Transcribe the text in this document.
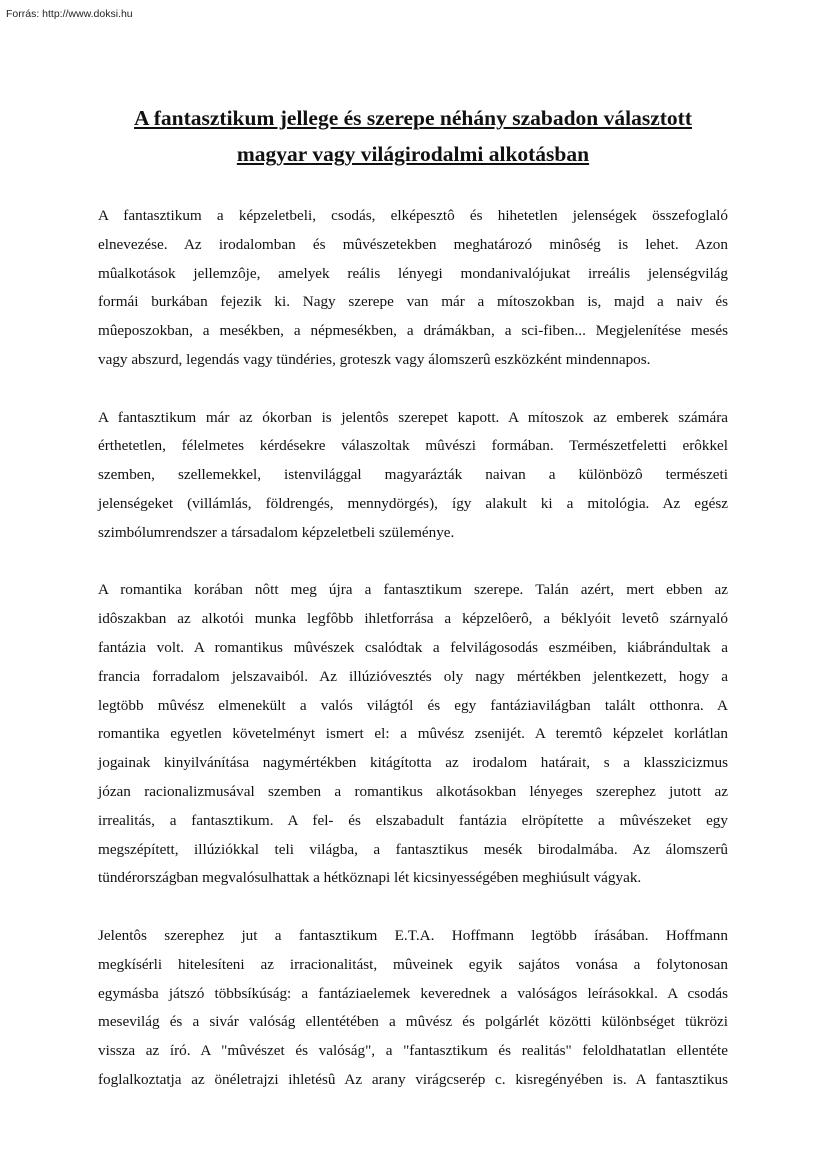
Forrás: http://www.doksi.hu
A fantasztikum jellege és szerepe néhány szabadon választott
magyar vagy világirodalmi alkotásban

A fantasztikum a képzeletbeli, csodás, elképesztô és hihetetlen jelenségek összefoglaló
elnevezése. Az irodalomban és mûvészetekben meghatározó minôség is lehet. Azon
mûalkotások jellemzôje, amelyek reális lényegi mondanivalójukat irreális jelenségvilág
formái burkában fejezik ki. Nagy szerepe van már a mítoszokban is, majd a naiv és
mûeposzokban, a mesékben, a népmesékben, a drámákban, a sci-fiben... Megjelenítése mesés
vagy abszurd, legendás vagy tündéries, groteszk vagy álomszerû eszközként mindennapos.

A fantasztikum már az ókorban is jelentôs szerepet kapott. A mítoszok az emberek számára
érthetetlen, félelmetes kérdésekre válaszoltak mûvészi formában. Természetfeletti erôkkel
szemben, szellemekkel, istenvilággal magyarázták naivan a különbözô természeti
jelenségeket (villámlás, földrengés, mennydörgés), így alakult ki a mitológia. Az egész
szimbólumrendszer a társadalom képzeletbeli szüleménye.

A romantika korában nôtt meg újra a fantasztikum szerepe. Talán azért, mert ebben az
idôszakban az alkotói munka legfôbb ihletforrása a képzelôerô, a béklyóit levetô szárnyaló
fantázia volt. A romantikus mûvészek csalódtak a felvilágosodás eszméiben, kiábrándultak a
francia forradalom jelszavaiból. Az illúzióvesztés oly nagy mértékben jelentkezett, hogy a
legtöbb mûvész elmenekült a valós világtól és egy fantáziavilágban talált otthonra. A
romantika egyetlen követelményt ismert el: a mûvész zsenijét. A teremtô képzelet korlátlan
jogainak kinyilvánítása nagymértékben kitágította az irodalom határait, s a klasszicizmus
józan racionalizmusával szemben a romantikus alkotásokban lényeges szerephez jutott az
irrealitás, a fantasztikum. A fel- és elszabadult fantázia elröpítette a mûvészeket egy
megszépített, illúziókkal teli világba, a fantasztikus mesék birodalmába. Az álomszerû
tündérországban megvalósulhattak a hétköznapi lét kicsinyességében meghiúsult vágyak.

Jelentôs szerephez jut a fantasztikum E.T.A. Hoffmann legtöbb írásában. Hoffmann
megkísérli hitelesíteni az irracionalitást, mûveinek egyik sajátos vonása a folytonosan
egymásba játszó többsíkúság: a fantáziaelemek keverednek a valóságos leírásokkal. A csodás
mesevilág és a sivár valóság ellentétében a mûvész és polgárlét közötti különbséget tükrözi
vissza az író. A "mûvészet és valóság", a "fantasztikum és realitás" feloldhatatlan ellentéte
foglalkoztatja az önéletrajzi ihletésû Az arany virágcserép c. kisregényében is. A fantasztikus
